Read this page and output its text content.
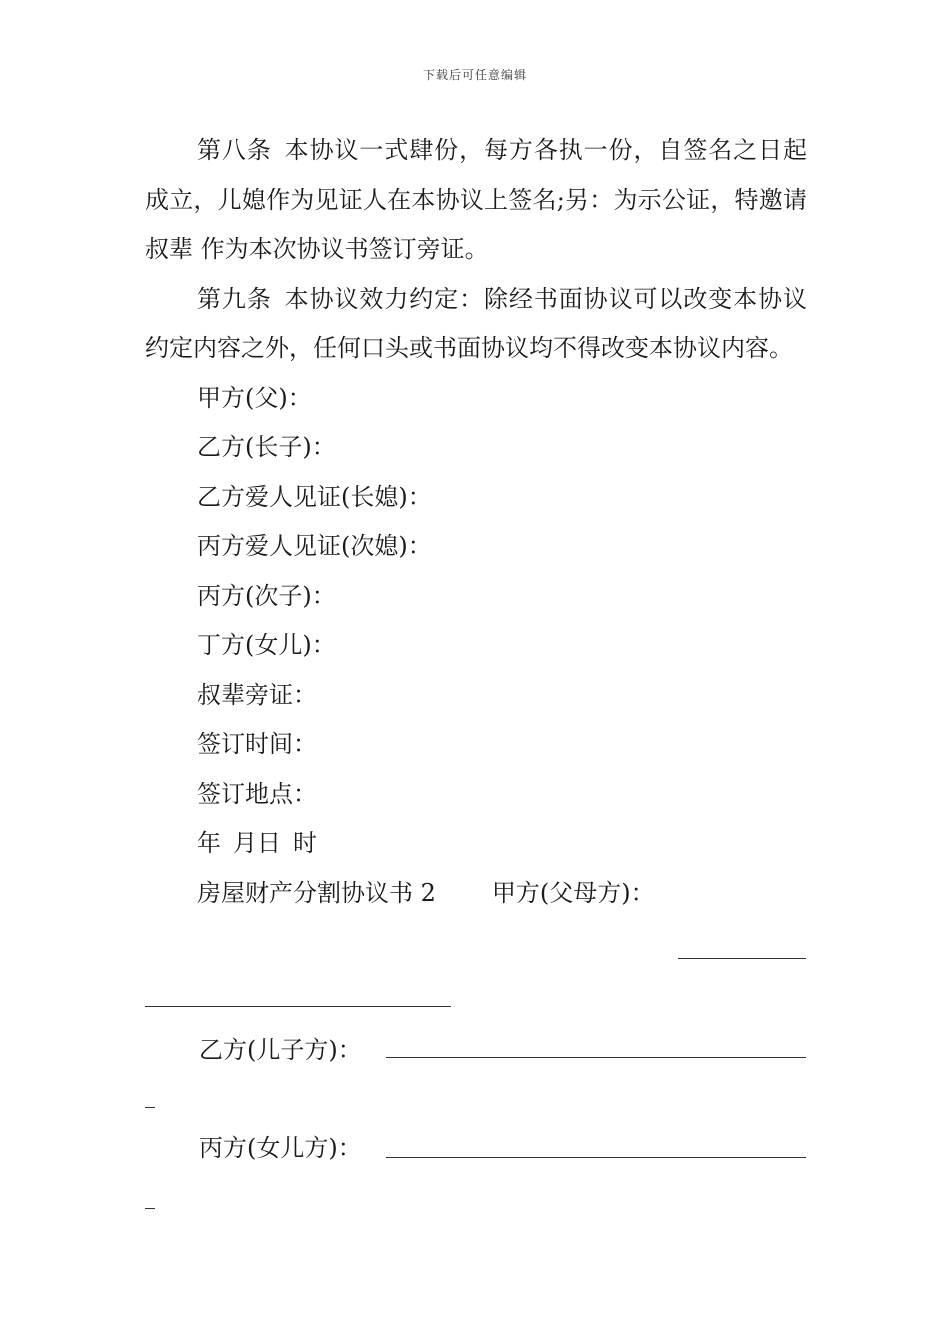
下载后可任意编辑

第八条 本协议一式肆份，每方各执一份，自签名之日起成立，儿媳作为见证人在本协议上签名;另：为示公证，特邀请叔辈 作为本次协议书签订旁证。

第九条 本协议效力约定：除经书面协议可以改变本协议约定内容之外，任何口头或书面协议均不得改变本协议内容。

甲方(父)：

乙方(长子)：

乙方爱人见证(长媳)：

丙方爱人见证(次媳)：

丙方(次子)：

丁方(女儿)：

叔辈旁证：

签订时间：

签订地点：

年 月日 时

房屋财产分割协议书 2 甲方(父母方)：

乙方(儿子方)：
丙方(女儿方)：
